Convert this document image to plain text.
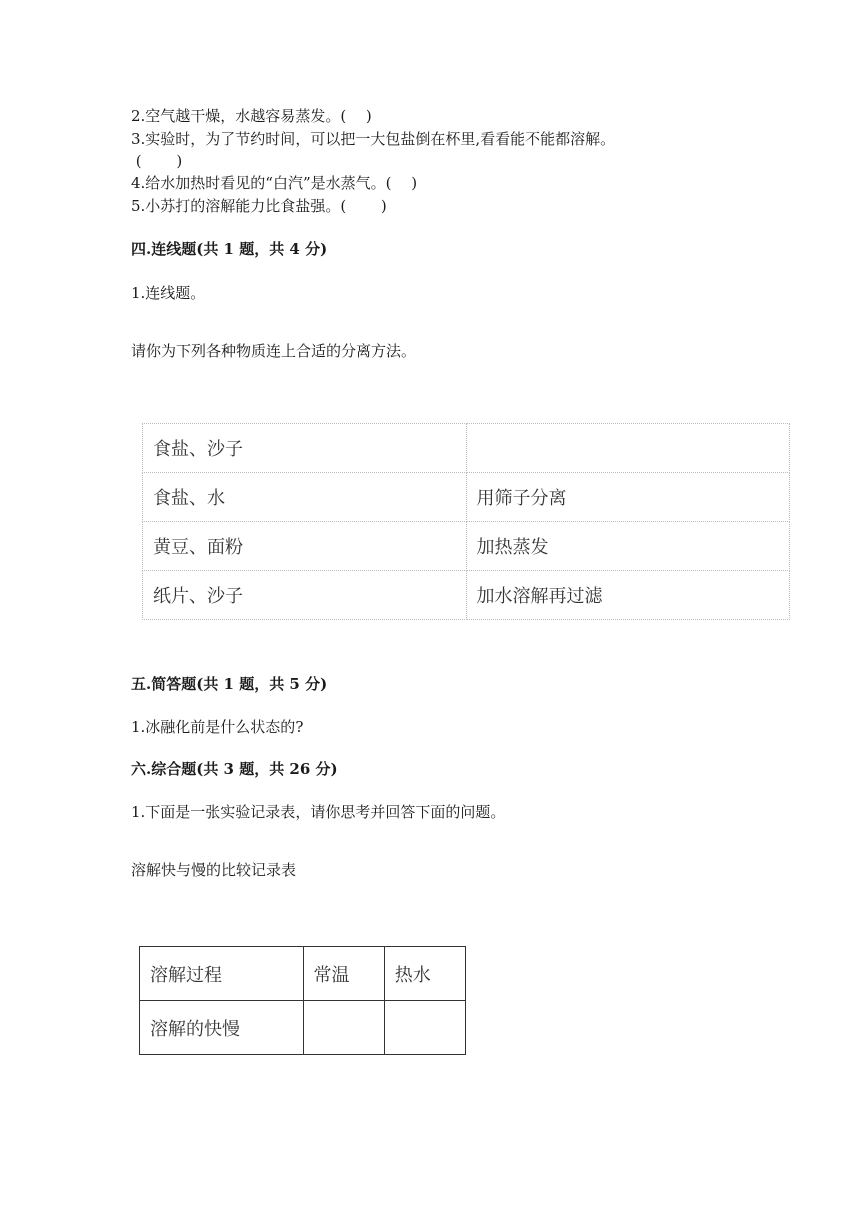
2.空气越干燥，水越容易蒸发。(　 )
3.实验时，为了节约时间，可以把一大包盐倒在杯里,看看能不能都溶解。
(　　 )
4.给水加热时看见的“白汽”是水蒸气。(　 )
5.小苏打的溶解能力比食盐强。(　　 )
四.连线题(共 1 题，共 4 分)
1.连线题。
请你为下列各种物质连上合适的分离方法。
食盐、沙子	
食盐、水	用筛子分离
黄豆、面粉	加热蒸发
纸片、沙子	加水溶解再过滤
五.简答题(共 1 题，共 5 分)
1.冰融化前是什么状态的?
六.综合题(共 3 题，共 26 分)
1.下面是一张实验记录表，请你思考并回答下面的问题。
溶解快与慢的比较记录表
溶解过程	常温	热水
溶解的快慢		
